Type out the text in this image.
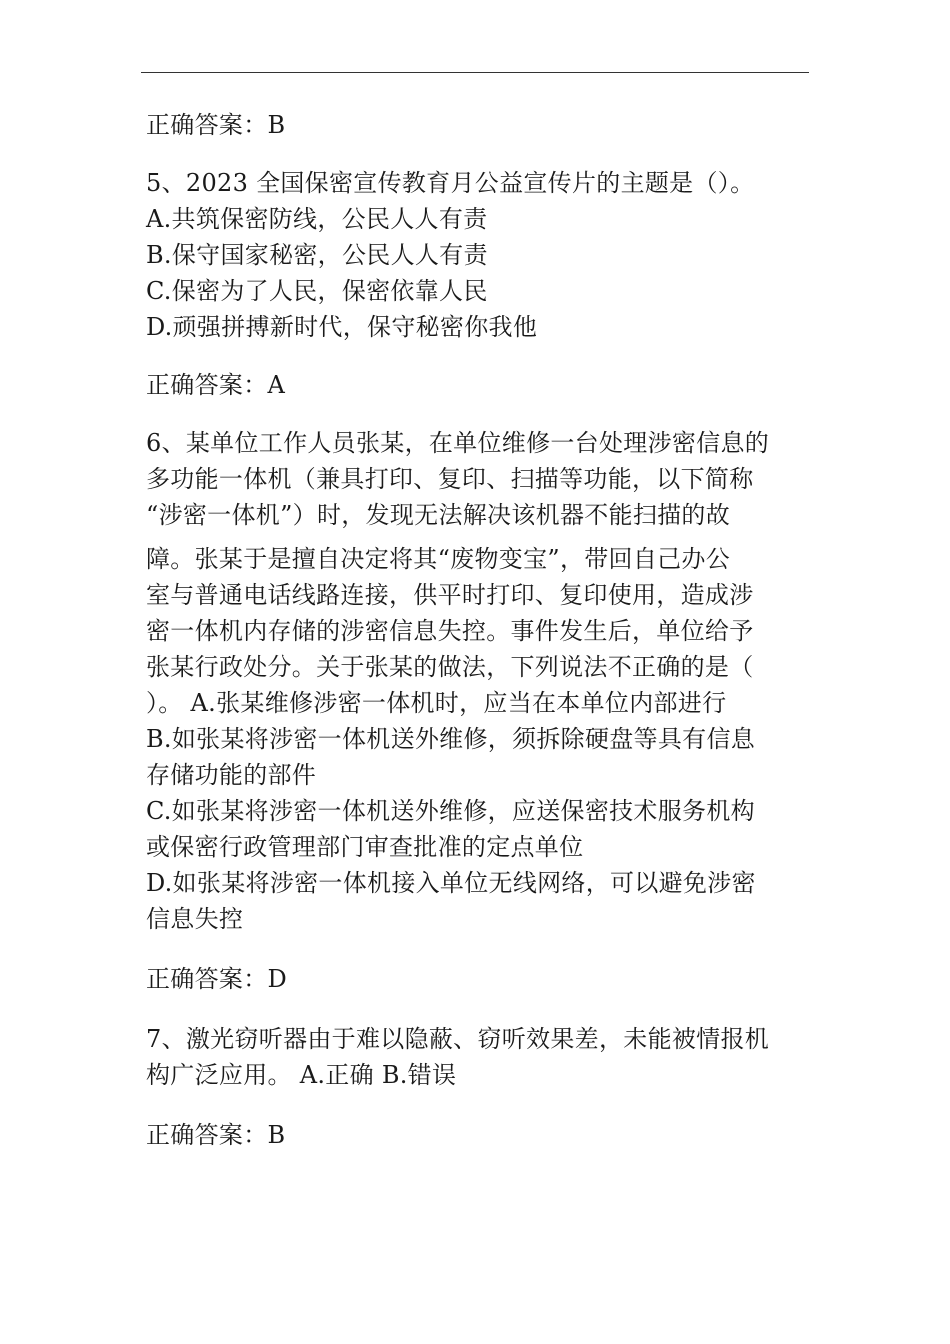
正确答案：B
5、2023 全国保密宣传教育月公益宣传片的主题是（）。
A.共筑保密防线，公民人人有责
B.保守国家秘密，公民人人有责
C.保密为了人民，保密依靠人民
D.顽强拼搏新时代，保守秘密你我他
正确答案：A
6、某单位工作人员张某，在单位维修一台处理涉密信息的
多功能一体机（兼具打印、复印、扫描等功能，以下简称
“涉密一体机”）时，发现无法解决该机器不能扫描的故
障。张某于是擅自决定将其“废物变宝”，带回自己办公
室与普通电话线路连接，供平时打印、复印使用，造成涉
密一体机内存储的涉密信息失控。事件发生后，单位给予
张某行政处分。关于张某的做法，下列说法不正确的是（
）。 A.张某维修涉密一体机时，应当在本单位内部进行
B.如张某将涉密一体机送外维修，须拆除硬盘等具有信息
存储功能的部件
C.如张某将涉密一体机送外维修，应送保密技术服务机构
或保密行政管理部门审查批准的定点单位
D.如张某将涉密一体机接入单位无线网络，可以避免涉密
信息失控
正确答案：D
7、激光窃听器由于难以隐蔽、窃听效果差，未能被情报机
构广泛应用。 A.正确 B.错误
正确答案：B
